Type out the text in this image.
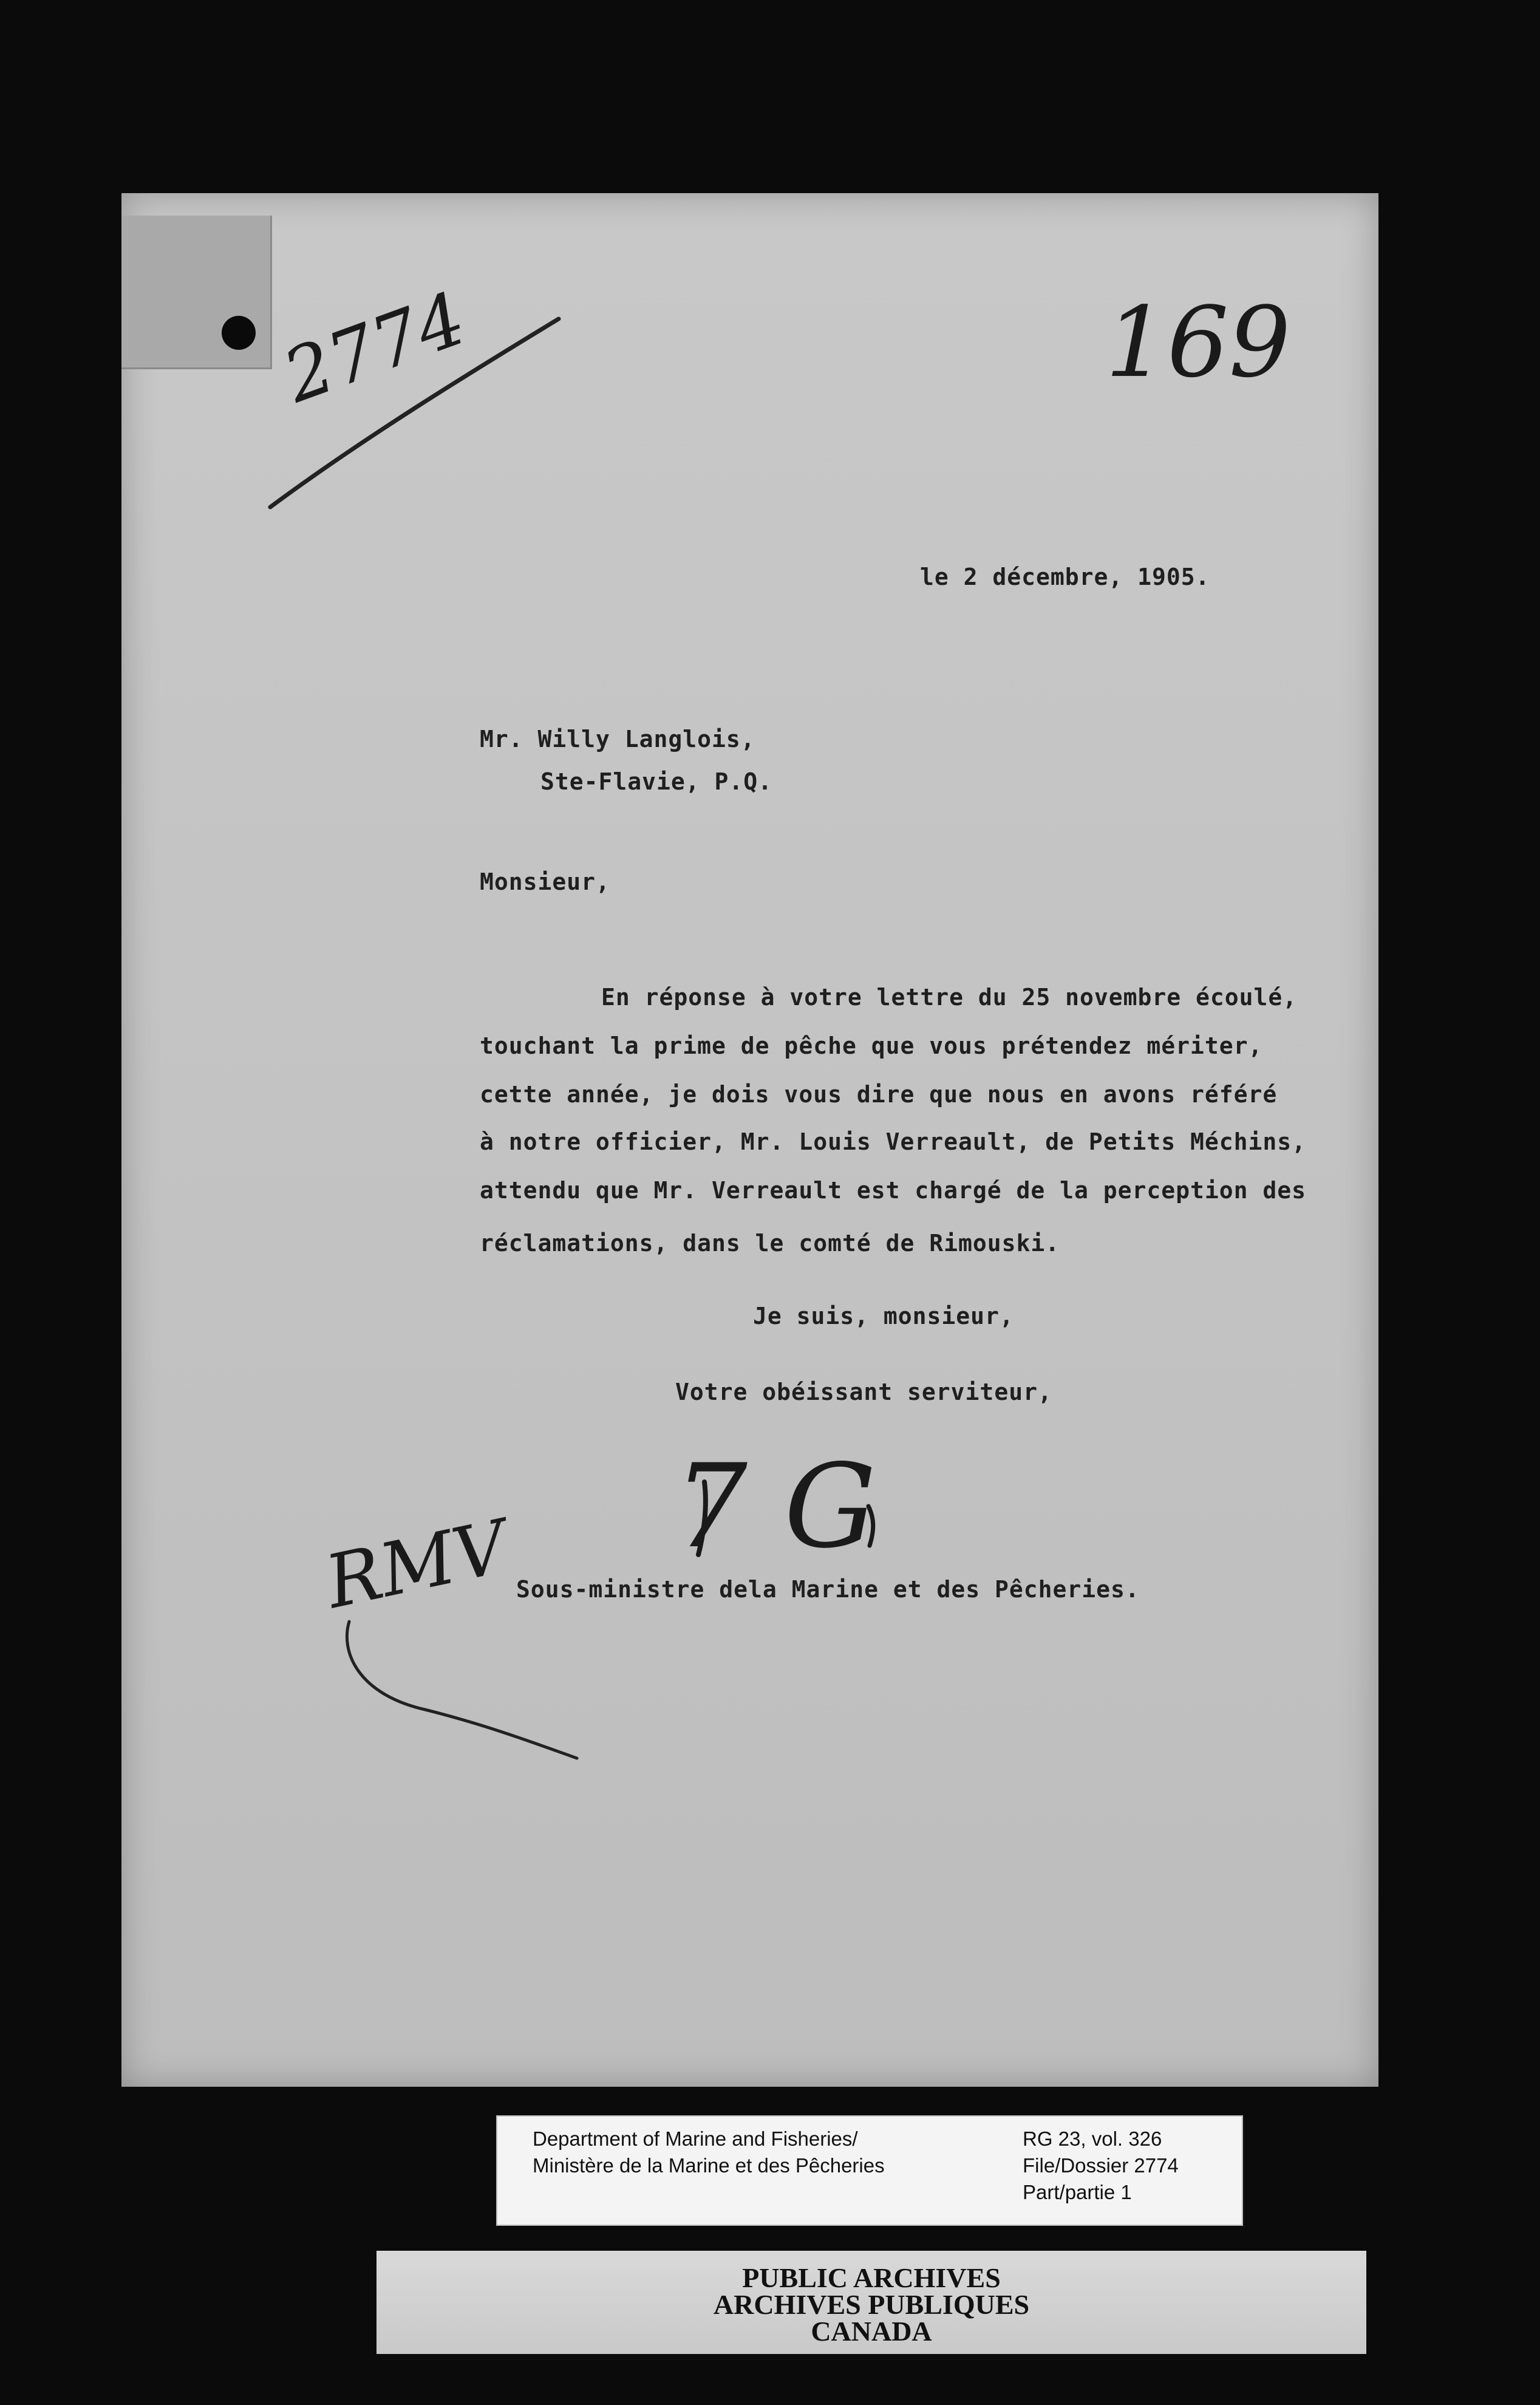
2774	169
le 2 décembre, 1905.
Mr. Willy Langlois,
Ste-Flavie, P.Q.
Monsieur,
En réponse à votre lettre du 25 novembre écoulé,
touchant la prime de pêche que vous prétendez mériter,
cette année, je dois vous dire que nous en avons référé
à notre officier, Mr. Louis Verreault, de Petits Méchins,
attendu que Mr. Verreault est chargé de la perception des
réclamations, dans le comté de Rimouski.
Je suis, monsieur,
Votre obéissant serviteur,
7 G
Sous-ministre dela Marine et des Pêcheries.
RMV
Department of Marine and Fisheries/
Ministère de la Marine et des Pêcheries
RG 23, vol. 326
File/Dossier 2774
Part/partie 1
PUBLIC ARCHIVES
ARCHIVES PUBLIQUES
CANADA
